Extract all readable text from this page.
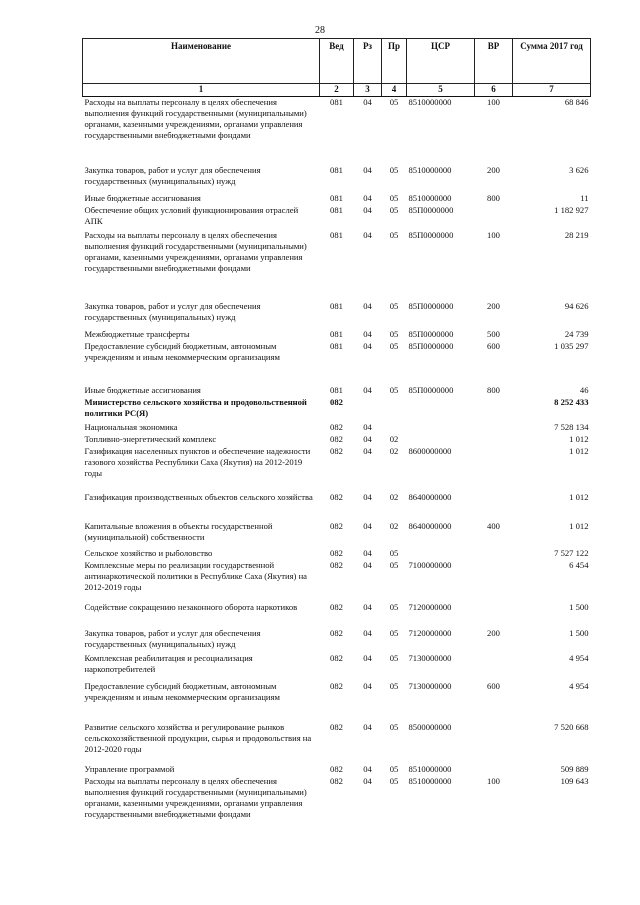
28
Наименование	Вед	Рз	Пр	ЦСР	ВР	Сумма 2017 год
1	2	3	4	5	6	7
Расходы на выплаты персоналу в целях обеспечения выполнения функций государственными (муниципальными) органами, казенными учреждениями, органами управления государственными внебюджетными фондами	081	04	05	8510000000	100	68 846
Закупка товаров, работ и услуг для обеспечения государственных (муниципальных) нужд	081	04	05	8510000000	200	3 626
Иные бюджетные ассигнования	081	04	05	8510000000	800	11
Обеспечение общих условий функционирования отраслей АПК	081	04	05	85П0000000		1 182 927
Расходы на выплаты персоналу в целях обеспечения выполнения функций государственными (муниципальными) органами, казенными учреждениями, органами управления государственными внебюджетными фондами	081	04	05	85П0000000	100	28 219
Закупка товаров, работ и услуг для обеспечения государственных (муниципальных) нужд	081	04	05	85П0000000	200	94 626
Межбюджетные трансферты	081	04	05	85П0000000	500	24 739
Предоставление субсидий бюджетным, автономным учреждениям и иным некоммерческим организациям	081	04	05	85П0000000	600	1 035 297
Иные бюджетные ассигнования	081	04	05	85П0000000	800	46
Министерство сельского хозяйства и продовольственной политики РС(Я)	082					8 252 433
Национальная экономика	082	04				7 528 134
Топливно-энергетический комплекс	082	04	02			1 012
Газификация населенных пунктов и обеспечение надежности газового хозяйства Республики Саха (Якутия) на 2012-2019 годы	082	04	02	8600000000		1 012
Газификация производственных объектов сельского хозяйства	082	04	02	8640000000		1 012
Капитальные вложения в объекты государственной (муниципальной) собственности	082	04	02	8640000000	400	1 012
Сельское хозяйство и рыболовство	082	04	05			7 527 122
Комплексные меры по реализации государственной антинаркотической политики в Республике Саха (Якутия) на 2012-2019 годы	082	04	05	7100000000		6 454
Содействие сокращению незаконного оборота наркотиков	082	04	05	7120000000		1 500
Закупка товаров, работ и услуг для обеспечения государственных (муниципальных) нужд	082	04	05	7120000000	200	1 500
Комплексная реабилитация и ресоциализация наркопотребителей	082	04	05	7130000000		4 954
Предоставление субсидий бюджетным, автономным учреждениям и иным некоммерческим организациям	082	04	05	7130000000	600	4 954
Развитие сельского хозяйства и регулирование рынков сельскохозяйственной продукции, сырья и продовольствия на 2012-2020 годы	082	04	05	8500000000		7 520 668
Управление программой	082	04	05	8510000000		509 889
Расходы на выплаты персоналу в целях обеспечения выполнения функций государственными (муниципальными) органами, казенными учреждениями, органами управления государственными внебюджетными фондами	082	04	05	8510000000	100	109 643
